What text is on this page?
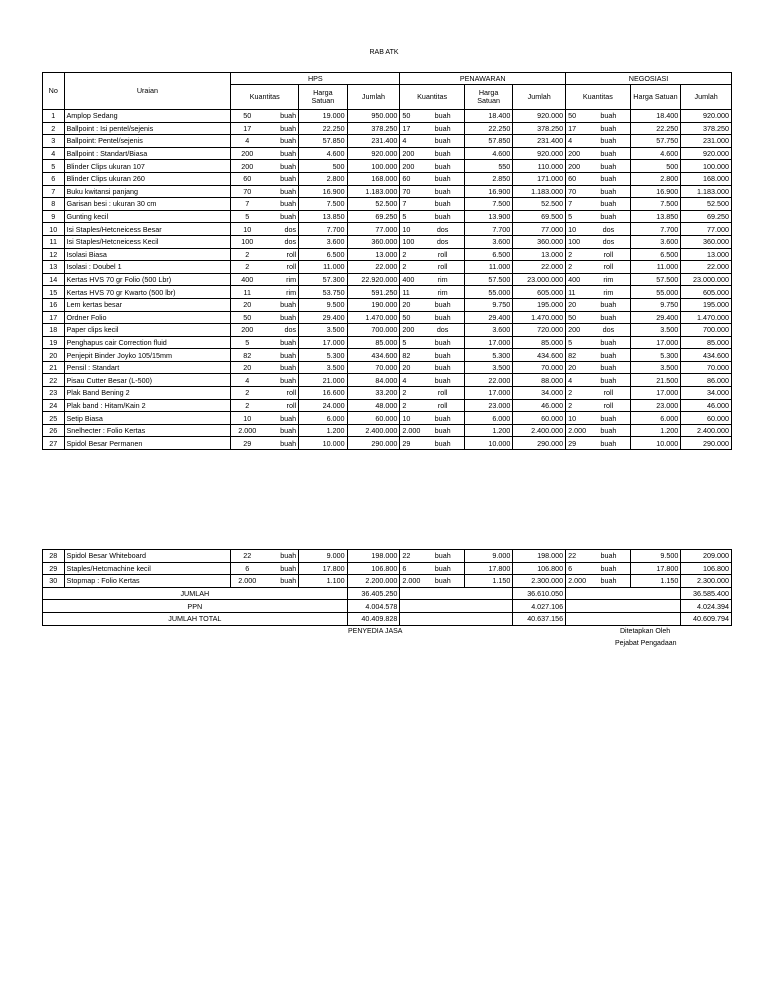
RAB ATK
No	Uraian	HPS				PENAWARAN				NEGOSIASI			
		Kuantitas		Harga Satuan	Jumlah	Kuantitas		Harga Satuan	Jumlah	Kuantitas		Harga Satuan	Jumlah
1	Amplop Sedang	50	buah	19.000	950.000	50	buah	18.400	920.000	50	buah	18.400	920.000
2	Ballpoint : Isi pentel/sejenis	17	buah	22.250	378.250	17	buah	22.250	378.250	17	buah	22.250	378.250
3	Ballpoint: Pentel/sejenis	4	buah	57.850	231.400	4	buah	57.850	231.400	4	buah	57.750	231.000
4	Ballpoint : Standart/Biasa	200	buah	4.600	920.000	200	buah	4.600	920.000	200	buah	4.600	920.000
5	Blinder Clips ukuran 107	200	buah	500	100.000	200	buah	550	110.000	200	buah	500	100.000
6	Blinder Clips ukuran 260	60	buah	2.800	168.000	60	buah	2.850	171.000	60	buah	2.800	168.000
7	Buku kwitansi panjang	70	buah	16.900	1.183.000	70	buah	16.900	1.183.000	70	buah	16.900	1.183.000
8	Garisan besi : ukuran 30 cm	7	buah	7.500	52.500	7	buah	7.500	52.500	7	buah	7.500	52.500
9	Gunting kecil	5	buah	13.850	69.250	5	buah	13.900	69.500	5	buah	13.850	69.250
10	Isi Staples/Hetcneicess Besar	10	dos	7.700	77.000	10	dos	7.700	77.000	10	dos	7.700	77.000
11	Isi Staples/Hetcneicess Kecil	100	dos	3.600	360.000	100	dos	3.600	360.000	100	dos	3.600	360.000
12	Isolasi Biasa	2	roll	6.500	13.000	2	roll	6.500	13.000	2	roll	6.500	13.000
13	Isolasi : Doubel 1	2	roll	11.000	22.000	2	roll	11.000	22.000	2	roll	11.000	22.000
14	Kertas HVS 70 gr Folio (500 Lbr)	400	rim	57.300	22.920.000	400	rim	57.500	23.000.000	400	rim	57.500	23.000.000
15	Kertas HVS 70 gr Kwarto (500 lbr)	11	rim	53.750	591.250	11	rim	55.000	605.000	11	rim	55.000	605.000
16	Lem kertas besar	20	buah	9.500	190.000	20	buah	9.750	195.000	20	buah	9.750	195.000
17	Ordner Folio	50	buah	29.400	1.470.000	50	buah	29.400	1.470.000	50	buah	29.400	1.470.000
18	Paper clips kecil	200	dos	3.500	700.000	200	dos	3.600	720.000	200	dos	3.500	700.000
19	Penghapus cair Correction fluid	5	buah	17.000	85.000	5	buah	17.000	85.000	5	buah	17.000	85.000
20	Penjepit Binder Joyko 105/15mm	82	buah	5.300	434.600	82	buah	5.300	434.600	82	buah	5.300	434.600
21	Pensil : Standart	20	buah	3.500	70.000	20	buah	3.500	70.000	20	buah	3.500	70.000
22	Pisau Cutter Besar (L-500)	4	buah	21.000	84.000	4	buah	22.000	88.000	4	buah	21.500	86.000
23	Plak Band Bening 2	2	roll	16.600	33.200	2	roll	17.000	34.000	2	roll	17.000	34.000
24	Plak band : Hitam/Kain 2	2	roll	24.000	48.000	2	roll	23.000	46.000	2	roll	23.000	46.000
25	Setip Biasa	10	buah	6.000	60.000	10	buah	6.000	60.000	10	buah	6.000	60.000
26	Snelhecter : Folio Kertas	2.000	buah	1.200	2.400.000	2.000	buah	1.200	2.400.000	2.000	buah	1.200	2.400.000
27	Spidol Besar Permanen	29	buah	10.000	290.000	29	buah	10.000	290.000	29	buah	10.000	290.000
28	Spidol Besar Whiteboard	22	buah	9.000	198.000	22	buah	9.000	198.000	22	buah	9.500	209.000
29	Staples/Hetcmachine kecil	6	buah	17.800	106.800	6	buah	17.800	106.800	6	buah	17.800	106.800
30	Stopmap : Folio Kertas	2.000	buah	1.100	2.200.000	2.000	buah	1.150	2.300.000	2.000	buah	1.150	2.300.000
JUMLAH					36.405.250				36.610.050				36.585.400
PPN					4.004.578				4.027.106				4.024.394
JUMLAH TOTAL					40.409.828				40.637.156				40.609.794
PENYEDIA JASA	Ditetapkan Oleh
Pejabat Pengadaan
